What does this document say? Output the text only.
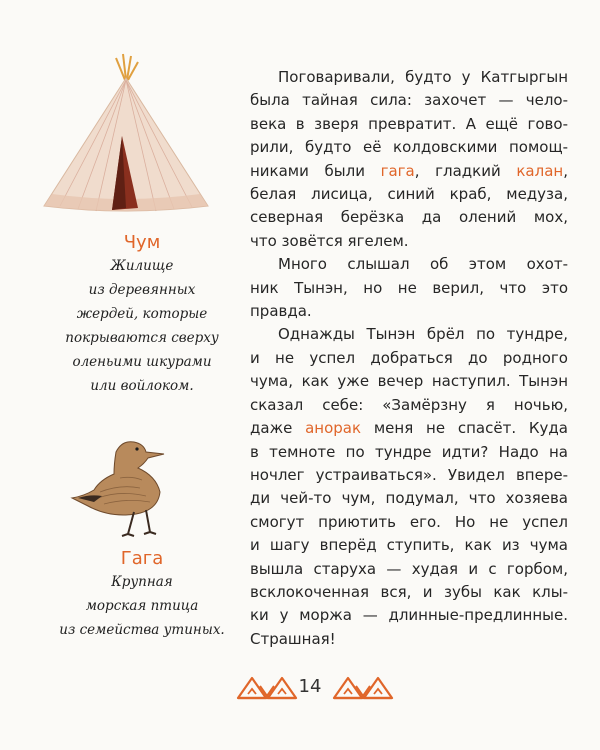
Чум
Жилище
из деревянных
жердей, которые
покрываются сверху
оленьими шкурами
или войлоком.
Гага
Крупная
морская птица
из семейства утиных.
Поговаривали, будто у Катгыргын
была тайная сила: захочет — чело-
века в зверя превратит. А ещё гово-
рили, будто её колдовскими помощ-
никами были гага, гладкий калан,
белая лисица, синий краб, медуза,
северная берёзка да олений мох,
что зовётся ягелем.
Много слышал об этом охот-
ник Тынэн, но не верил, что это
правда.
Однажды Тынэн брёл по тундре,
и не успел добраться до родного
чума, как уже вечер наступил. Тынэн
сказал себе: «Замёрзну я ночью,
даже анорак меня не спасёт. Куда
в темноте по тундре идти? Надо на
ночлег устраиваться». Увидел впере-
ди чей-то чум, подумал, что хозяева
смогут приютить его. Но не успел
и шагу вперёд ступить, как из чума
вышла старуха — худая и с горбом,
всклокоченная вся, и зубы как клы-
ки у моржа — длинные-предлинные.
Страшная!
14
